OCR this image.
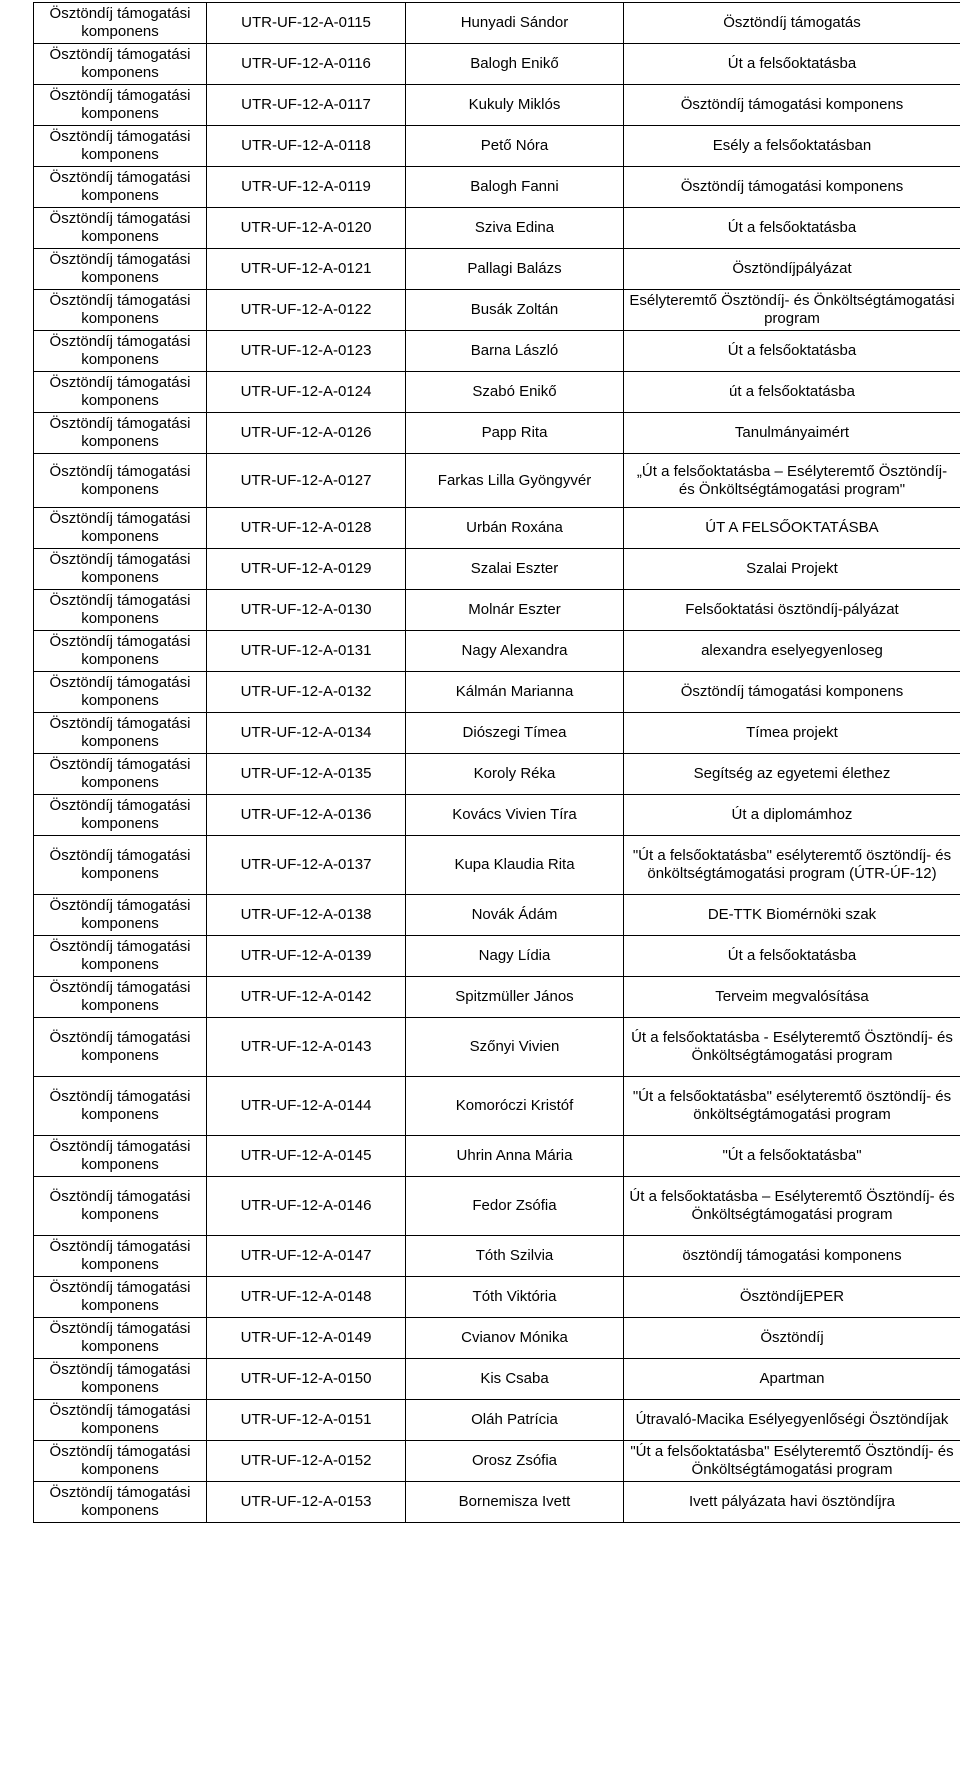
Ösztöndíj támogatási komponens	UTR-UF-12-A-0115	Hunyadi Sándor	Ösztöndíj támogatás
Ösztöndíj támogatási komponens	UTR-UF-12-A-0116	Balogh Enikő	Út a felsőoktatásba
Ösztöndíj támogatási komponens	UTR-UF-12-A-0117	Kukuly Miklós	Ösztöndíj támogatási komponens
Ösztöndíj támogatási komponens	UTR-UF-12-A-0118	Pető Nóra	Esély a felsőoktatásban
Ösztöndíj támogatási komponens	UTR-UF-12-A-0119	Balogh Fanni	Ösztöndíj támogatási komponens
Ösztöndíj támogatási komponens	UTR-UF-12-A-0120	Sziva Edina	Út a felsőoktatásba
Ösztöndíj támogatási komponens	UTR-UF-12-A-0121	Pallagi Balázs	Ösztöndíjpályázat
Ösztöndíj támogatási komponens	UTR-UF-12-A-0122	Busák Zoltán	Esélyteremtő Ösztöndíj- és Önköltségtámogatási program
Ösztöndíj támogatási komponens	UTR-UF-12-A-0123	Barna László	Út a felsőoktatásba
Ösztöndíj támogatási komponens	UTR-UF-12-A-0124	Szabó Enikő	út a felsőoktatásba
Ösztöndíj támogatási komponens	UTR-UF-12-A-0126	Papp Rita	Tanulmányaimért
Ösztöndíj támogatási komponens	UTR-UF-12-A-0127	Farkas Lilla Gyöngyvér	„Út a felsőoktatásba – Esélyteremtő Ösztöndíj- és Önköltségtámogatási program"
Ösztöndíj támogatási komponens	UTR-UF-12-A-0128	Urbán Roxána	ÚT A FELSŐOKTATÁSBA
Ösztöndíj támogatási komponens	UTR-UF-12-A-0129	Szalai Eszter	Szalai Projekt
Ösztöndíj támogatási komponens	UTR-UF-12-A-0130	Molnár Eszter	Felsőoktatási ösztöndíj-pályázat
Ösztöndíj támogatási komponens	UTR-UF-12-A-0131	Nagy Alexandra	alexandra eselyegyenloseg
Ösztöndíj támogatási komponens	UTR-UF-12-A-0132	Kálmán Marianna	Ösztöndíj támogatási komponens
Ösztöndíj támogatási komponens	UTR-UF-12-A-0134	Diószegi Tímea	Tímea projekt
Ösztöndíj támogatási komponens	UTR-UF-12-A-0135	Koroly Réka	Segítség az egyetemi élethez
Ösztöndíj támogatási komponens	UTR-UF-12-A-0136	Kovács Vivien Tíra	Út a diplomámhoz
Ösztöndíj támogatási komponens	UTR-UF-12-A-0137	Kupa Klaudia Rita	"Út a felsőoktatásba" esélyteremtő ösztöndíj- és önköltségtámogatási program (ÚTR-ÚF-12)
Ösztöndíj támogatási komponens	UTR-UF-12-A-0138	Novák Ádám	DE-TTK Biomérnöki szak
Ösztöndíj támogatási komponens	UTR-UF-12-A-0139	Nagy Lídia	Út a felsőoktatásba
Ösztöndíj támogatási komponens	UTR-UF-12-A-0142	Spitzmüller János	Terveim megvalósítása
Ösztöndíj támogatási komponens	UTR-UF-12-A-0143	Szőnyi Vivien	Út a felsőoktatásba - Esélyteremtő Ösztöndíj- és Önköltségtámogatási program
Ösztöndíj támogatási komponens	UTR-UF-12-A-0144	Komoróczi Kristóf	"Út a felsőoktatásba" esélyteremtő ösztöndíj- és önköltségtámogatási program
Ösztöndíj támogatási komponens	UTR-UF-12-A-0145	Uhrin Anna Mária	"Út a felsőoktatásba"
Ösztöndíj támogatási komponens	UTR-UF-12-A-0146	Fedor Zsófia	Út a felsőoktatásba – Esélyteremtő Ösztöndíj- és Önköltségtámogatási program
Ösztöndíj támogatási komponens	UTR-UF-12-A-0147	Tóth Szilvia	ösztöndíj támogatási komponens
Ösztöndíj támogatási komponens	UTR-UF-12-A-0148	Tóth Viktória	ÖsztöndíjEPER
Ösztöndíj támogatási komponens	UTR-UF-12-A-0149	Cvianov Mónika	Ösztöndíj
Ösztöndíj támogatási komponens	UTR-UF-12-A-0150	Kis Csaba	Apartman
Ösztöndíj támogatási komponens	UTR-UF-12-A-0151	Oláh Patrícia	Útravaló-Macika Esélyegyenlőségi Ösztöndíjak
Ösztöndíj támogatási komponens	UTR-UF-12-A-0152	Orosz Zsófia	"Út a felsőoktatásba" Esélyteremtő Ösztöndíj- és Önköltségtámogatási program
Ösztöndíj támogatási komponens	UTR-UF-12-A-0153	Bornemisza Ivett	Ivett pályázata havi ösztöndíjra
